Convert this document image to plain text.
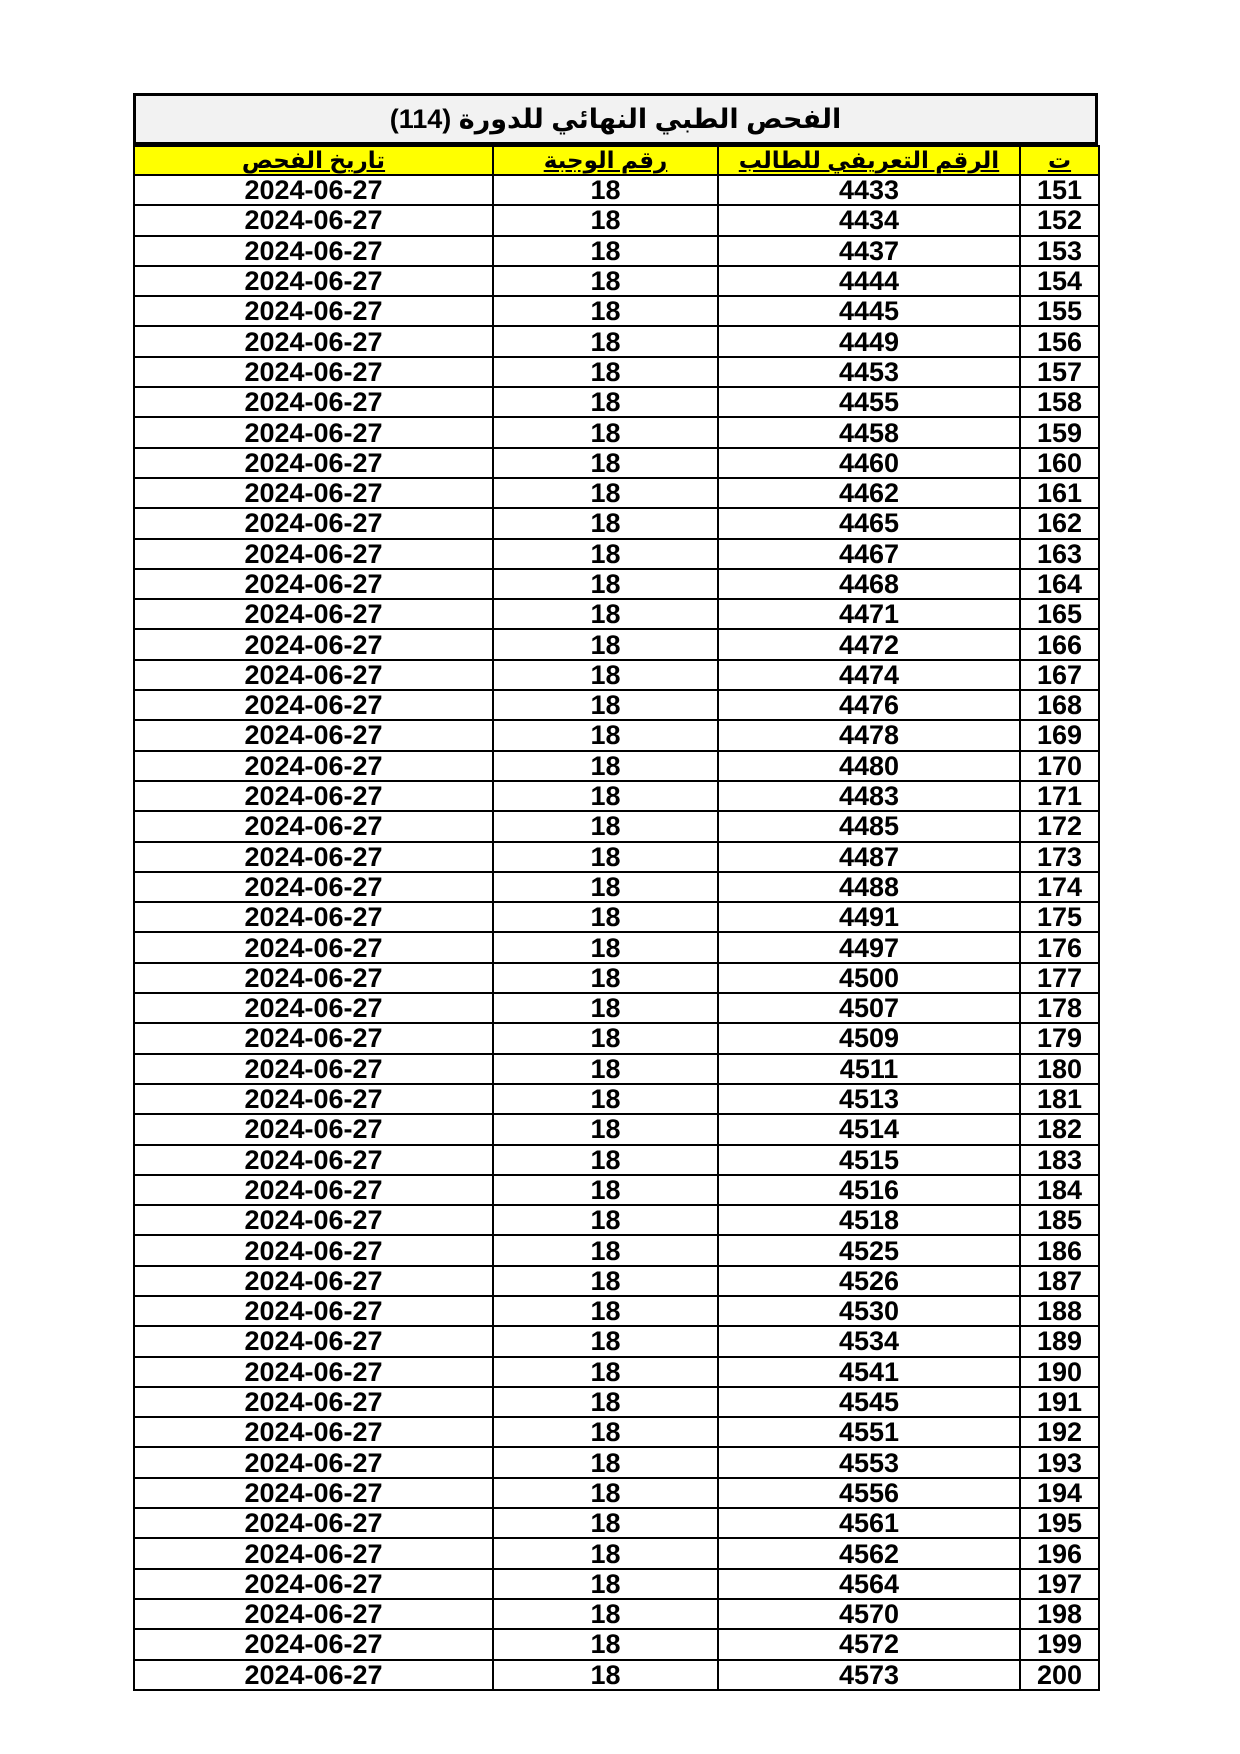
الفحص الطبي النهائي للدورة (114)
تاريخ الفحص	رقم الوجبة	الرقم التعريفي للطالب	ت
2024-06-27	18	4433	151
2024-06-27	18	4434	152
2024-06-27	18	4437	153
2024-06-27	18	4444	154
2024-06-27	18	4445	155
2024-06-27	18	4449	156
2024-06-27	18	4453	157
2024-06-27	18	4455	158
2024-06-27	18	4458	159
2024-06-27	18	4460	160
2024-06-27	18	4462	161
2024-06-27	18	4465	162
2024-06-27	18	4467	163
2024-06-27	18	4468	164
2024-06-27	18	4471	165
2024-06-27	18	4472	166
2024-06-27	18	4474	167
2024-06-27	18	4476	168
2024-06-27	18	4478	169
2024-06-27	18	4480	170
2024-06-27	18	4483	171
2024-06-27	18	4485	172
2024-06-27	18	4487	173
2024-06-27	18	4488	174
2024-06-27	18	4491	175
2024-06-27	18	4497	176
2024-06-27	18	4500	177
2024-06-27	18	4507	178
2024-06-27	18	4509	179
2024-06-27	18	4511	180
2024-06-27	18	4513	181
2024-06-27	18	4514	182
2024-06-27	18	4515	183
2024-06-27	18	4516	184
2024-06-27	18	4518	185
2024-06-27	18	4525	186
2024-06-27	18	4526	187
2024-06-27	18	4530	188
2024-06-27	18	4534	189
2024-06-27	18	4541	190
2024-06-27	18	4545	191
2024-06-27	18	4551	192
2024-06-27	18	4553	193
2024-06-27	18	4556	194
2024-06-27	18	4561	195
2024-06-27	18	4562	196
2024-06-27	18	4564	197
2024-06-27	18	4570	198
2024-06-27	18	4572	199
2024-06-27	18	4573	200
